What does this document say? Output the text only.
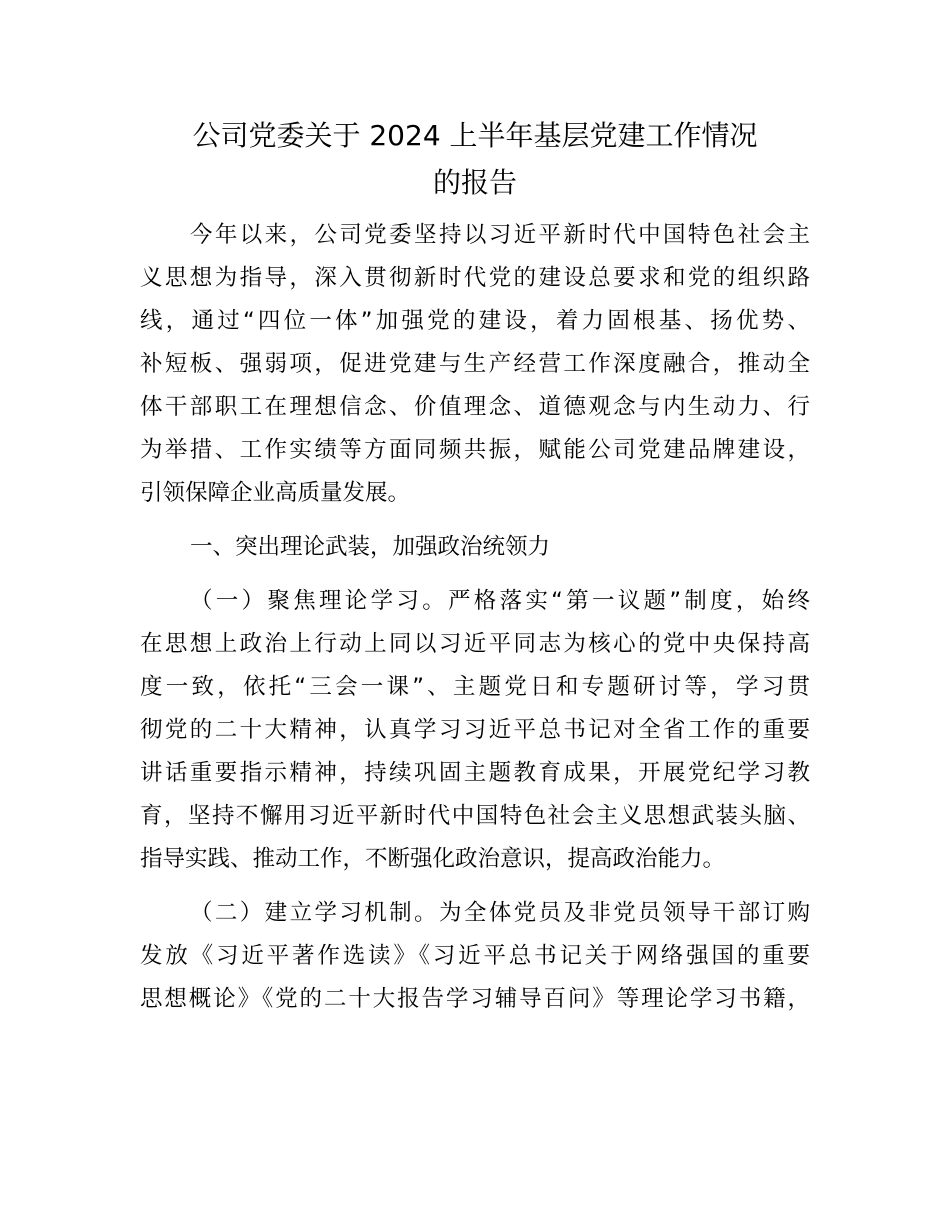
公司党委关于 2024 上半年基层党建工作情况
的报告
今年以来，公司党委坚持以习近平新时代中国特色社会主
义思想为指导，深入贯彻新时代党的建设总要求和党的组织路
线，通过“四位一体”加强党的建设，着力固根基、扬优势、
补短板、强弱项，促进党建与生产经营工作深度融合，推动全
体干部职工在理想信念、价值理念、道德观念与内生动力、行
为举措、工作实绩等方面同频共振，赋能公司党建品牌建设，
引领保障企业高质量发展。
一、突出理论武装，加强政治统领力
（一）聚焦理论学习。严格落实“第一议题”制度，始终
在思想上政治上行动上同以习近平同志为核心的党中央保持高
度一致，依托“三会一课”、主题党日和专题研讨等，学习贯
彻党的二十大精神，认真学习习近平总书记对全省工作的重要
讲话重要指示精神，持续巩固主题教育成果，开展党纪学习教
育，坚持不懈用习近平新时代中国特色社会主义思想武装头脑、
指导实践、推动工作，不断强化政治意识，提高政治能力。
（二）建立学习机制。为全体党员及非党员领导干部订购
发放《习近平著作选读》《习近平总书记关于网络强国的重要
思想概论》《党的二十大报告学习辅导百问》等理论学习书籍，
